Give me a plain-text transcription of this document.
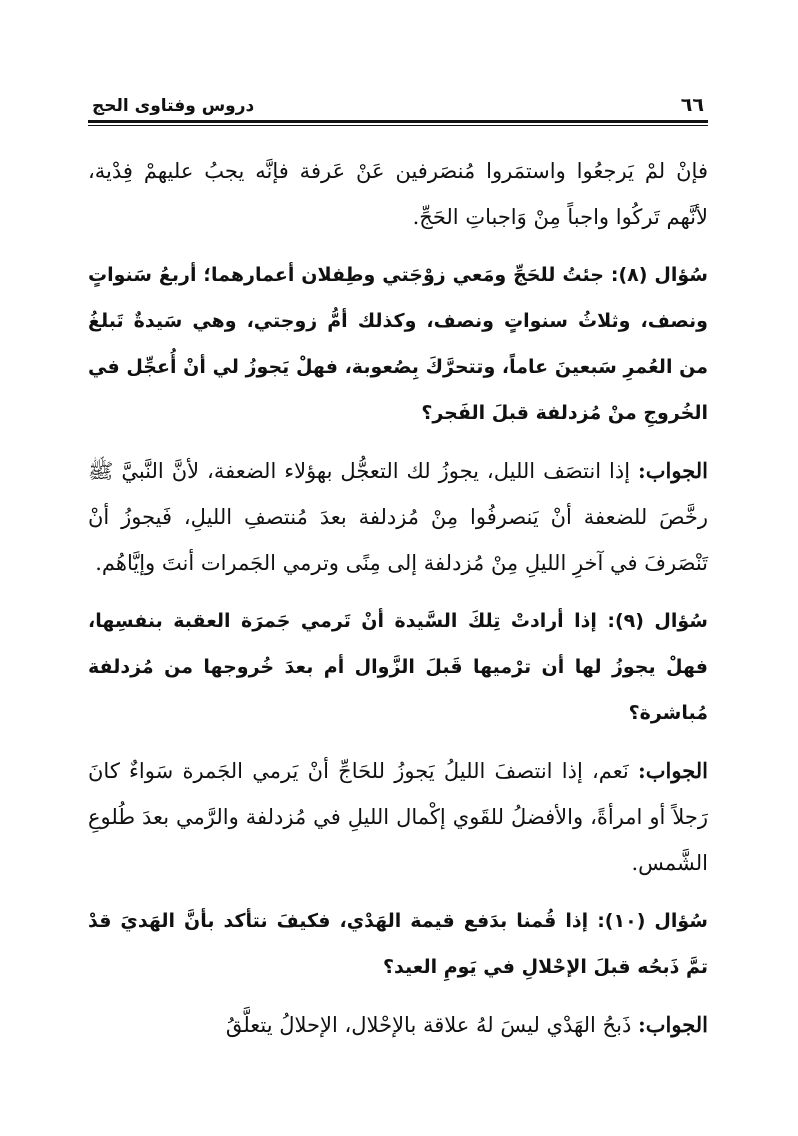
٦٦
دروس وفتاوى الحج

فإنْ لمْ يَرجعُوا واستمَروا مُنصَرفين عَنْ عَرفة فإنَّه يجبُ عليهمْ فِدْية، لأنَّهم تَركُوا واجباً مِنْ وَاجباتِ الحَجِّ.

سُؤال (٨): جئتُ للحَجِّ ومَعي زوْجَتي وطِفلان أعمارهما؛ أربعُ سَنواتٍ ونصف، وثلاثُ سنواتٍ ونصف، وكذلك أمُّ زوجتي، وهي سَيدةٌ تَبلغُ من العُمرِ سَبعينَ عاماً، وتتحرَّكَ بِصُعوبة، فهلْ يَجوزُ لي أنْ أُعجِّل في الخُروجِ منْ مُزدلفة قبلَ الفَجر؟

الجواب: إذا انتصَف الليل، يجوزُ لك التعجُّل بهؤلاء الضعفة، لأنَّ النَّبيَّ ﷺ رخَّصَ للضعفة أنْ يَنصرفُوا مِنْ مُزدلفة بعدَ مُنتصفِ الليلِ، فَيجوزُ أنْ تَنْصَرفَ في آخرِ الليلِ مِنْ مُزدلفة إلى مِنًى وترمي الجَمرات أنتَ وإيَّاهُم.

سُؤال (٩): إذا أرادتْ تِلكَ السَّيدة أنْ تَرمي جَمرَة العقبة بنفسِها، فهلْ يجوزُ لها أن ترْميها قَبلَ الزَّوال أم بعدَ خُروجها من مُزدلفة مُباشرة؟

الجواب: نَعم، إذا انتصفَ الليلُ يَجوزُ للحَاجِّ أنْ يَرمي الجَمرة سَواءٌ كانَ رَجلاً أو امرأةً، والأفضلُ للقَوي إكْمال الليلِ في مُزدلفة والرَّمي بعدَ طُلوعِ الشَّمس.

سُؤال (١٠): إذا قُمنا بدَفع قيمة الهَدْي، فكيفَ نتأكد بأنَّ الهَديَ قدْ تمَّ ذَبحُه قبلَ الإحْلالِ في يَومِ العيد؟

الجواب: ذَبحُ الهَدْي ليسَ لهُ علاقة بالإحْلال، الإحلالُ يتعلَّقُ
